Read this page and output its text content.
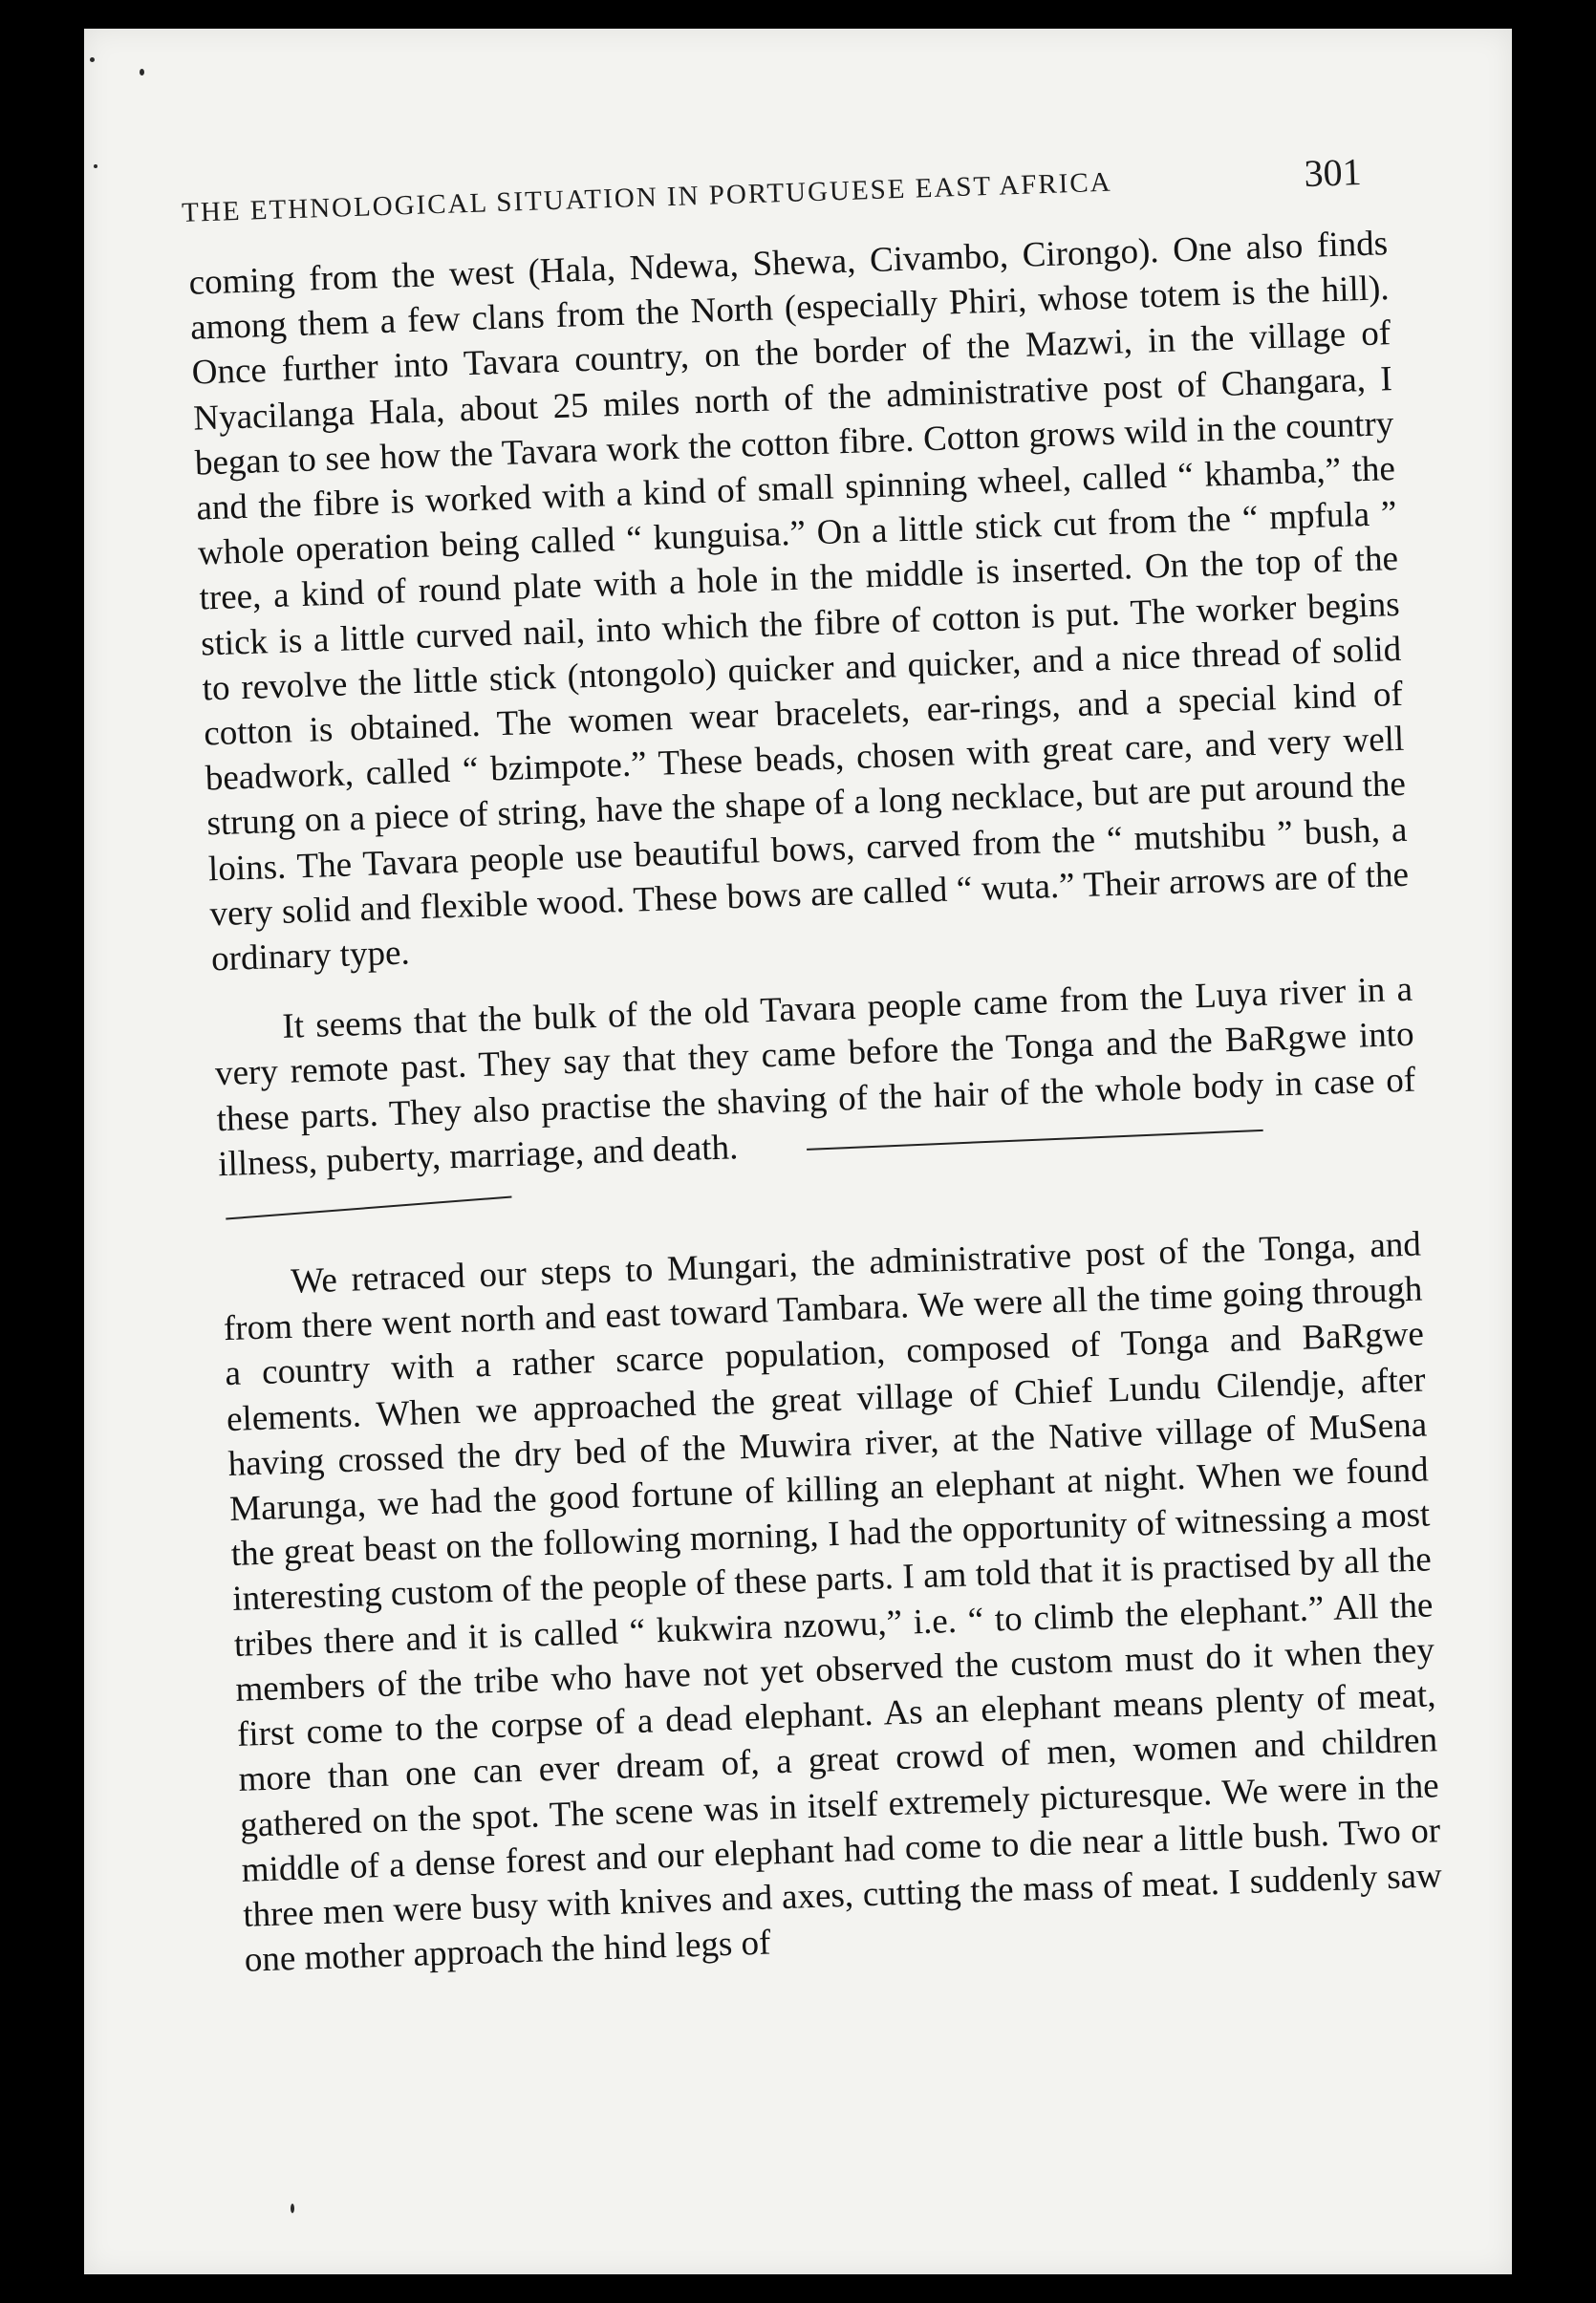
THE ETHNOLOGICAL SITUATION IN PORTUGUESE EAST AFRICA	301

coming from the west (Hala, Ndewa, Shewa, Civambo, Cirongo). One also finds among them a few clans from the North (especially Phiri, whose totem is the hill). Once further into Tavara country, on the border of the Mazwi, in the village of Nyacilanga Hala, about 25 miles north of the administrative post of Changara, I began to see how the Tavara work the cotton fibre. Cotton grows wild in the country and the fibre is worked with a kind of small spinning wheel, called “ khamba,” the whole operation being called “ kunguisa.” On a little stick cut from the “ mpfula ” tree, a kind of round plate with a hole in the middle is inserted. On the top of the stick is a little curved nail, into which the fibre of cotton is put. The worker begins to revolve the little stick (ntongolo) quicker and quicker, and a nice thread of solid cotton is obtained. The women wear bracelets, ear-rings, and a special kind of beadwork, called “ bzimpote.” These beads, chosen with great care, and very well strung on a piece of string, have the shape of a long necklace, but are put around the loins. The Tavara people use beautiful bows, carved from the “ mutshibu ” bush, a very solid and flexible wood. These bows are called “ wuta.” Their arrows are of the ordinary type.

It seems that the bulk of the old Tavara people came from the Luya river in a very remote past. They say that they came before the Tonga and the BaRgwe into these parts. They also practise the shaving of the hair of the whole body in case of illness, puberty, marriage, and death.

We retraced our steps to Mungari, the administrative post of the Tonga, and from there went north and east toward Tambara. We were all the time going through a country with a rather scarce population, composed of Tonga and BaRgwe elements. When we approached the great village of Chief Lundu Cilendje, after having crossed the dry bed of the Muwira river, at the Native village of MuSena Marunga, we had the good fortune of killing an elephant at night. When we found the great beast on the following morning, I had the opportunity of witnessing a most interesting custom of the people of these parts. I am told that it is practised by all the tribes there and it is called “ kukwira nzowu,” i.e. “ to climb the elephant.” All the members of the tribe who have not yet observed the custom must do it when they first come to the corpse of a dead elephant. As an elephant means plenty of meat, more than one can ever dream of, a great crowd of men, women and children gathered on the spot. The scene was in itself extremely picturesque. We were in the middle of a dense forest and our elephant had come to die near a little bush. Two or three men were busy with knives and axes, cutting the mass of meat. I suddenly saw one mother approach the hind legs of
